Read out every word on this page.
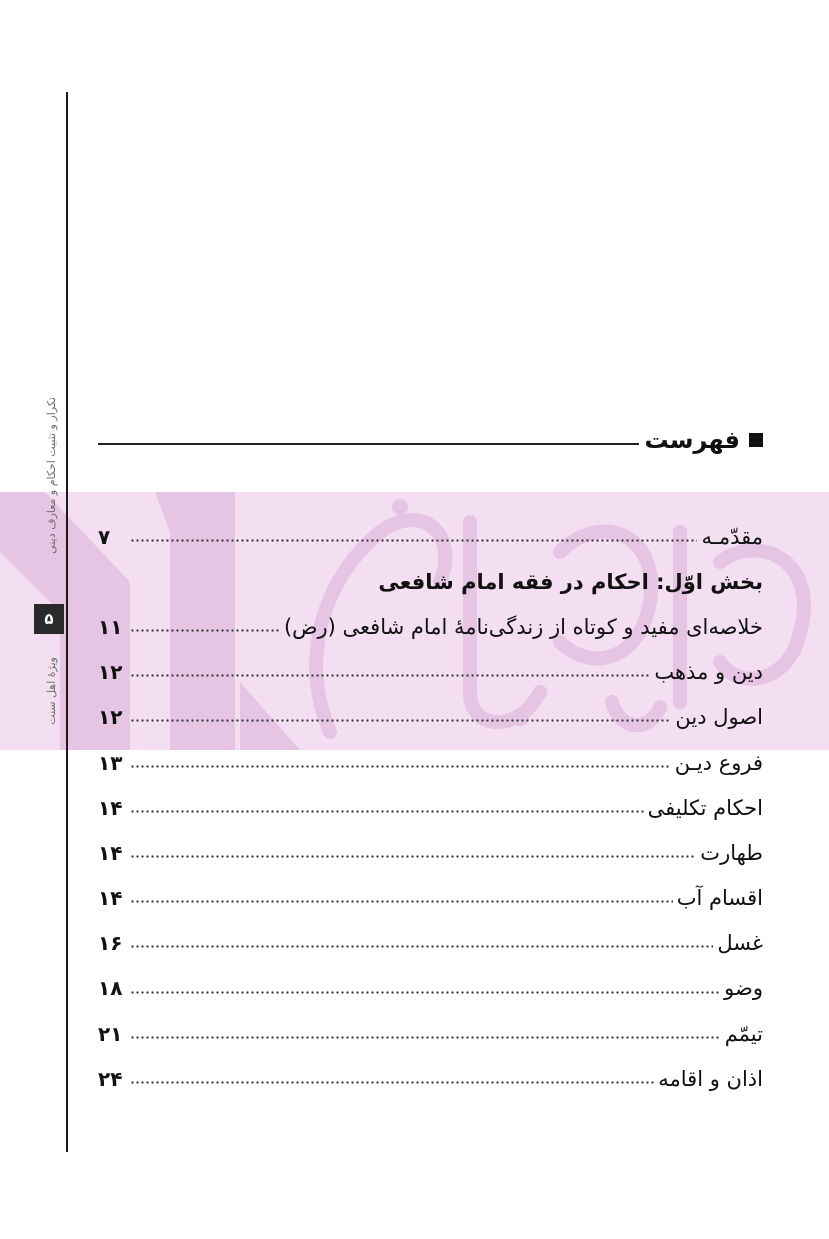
تکرار و تثبیت احکام و معارف دینی
۵
ویژهٔ اهل سنت
فهرست
مقدّمـه
۷
بخش اوّل: احکام در فقه امام شافعی
خلاصه‌ای مفید و کوتاه از زندگی‌نامهٔ امام شافعی (رض)
۱۱
دین و مذهب
۱۲
اصول دین
۱۲
فروع دیـن
۱۳
احکام تکلیفی
۱۴
طهارت
۱۴
اقسام آب
۱۴
غسل
۱۶
وضو
۱۸
تیمّم
۲۱
اذان و اقامه
۲۴
